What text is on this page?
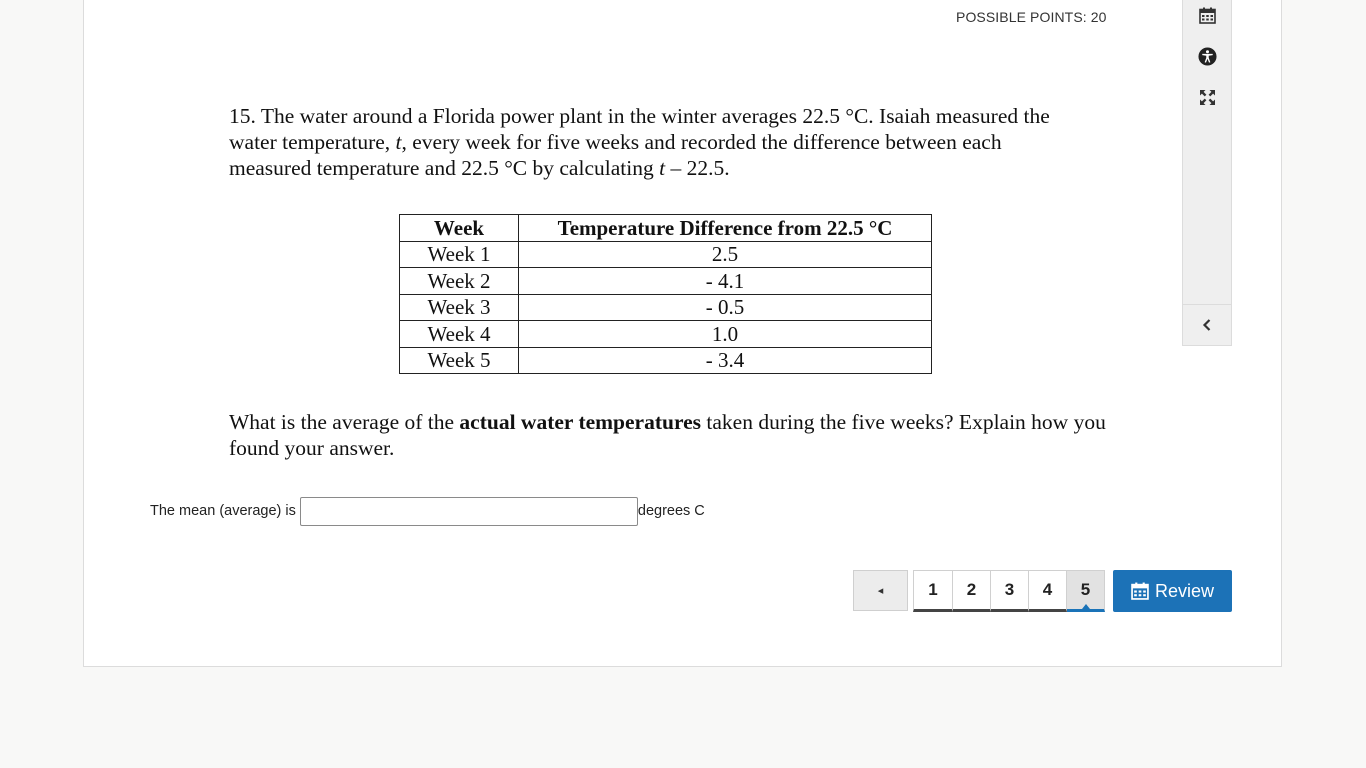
POSSIBLE POINTS: 20

15. The water around a Florida power plant in the winter averages 22.5 °C. Isaiah measured the
water temperature, t, every week for five weeks and recorded the difference between each
measured temperature and 22.5 °C by calculating t – 22.5.

What is the average of the actual water temperatures taken during the five weeks? Explain how you found your answer.

Week	Temperature Difference from 22.5 °C
Week 1	2.5
Week 2	- 4.1
Week 3	- 0.5
Week 4	1.0
Week 5	- 3.4
The mean (average) is	degrees C
◂	1	2	3	4	5	Review
